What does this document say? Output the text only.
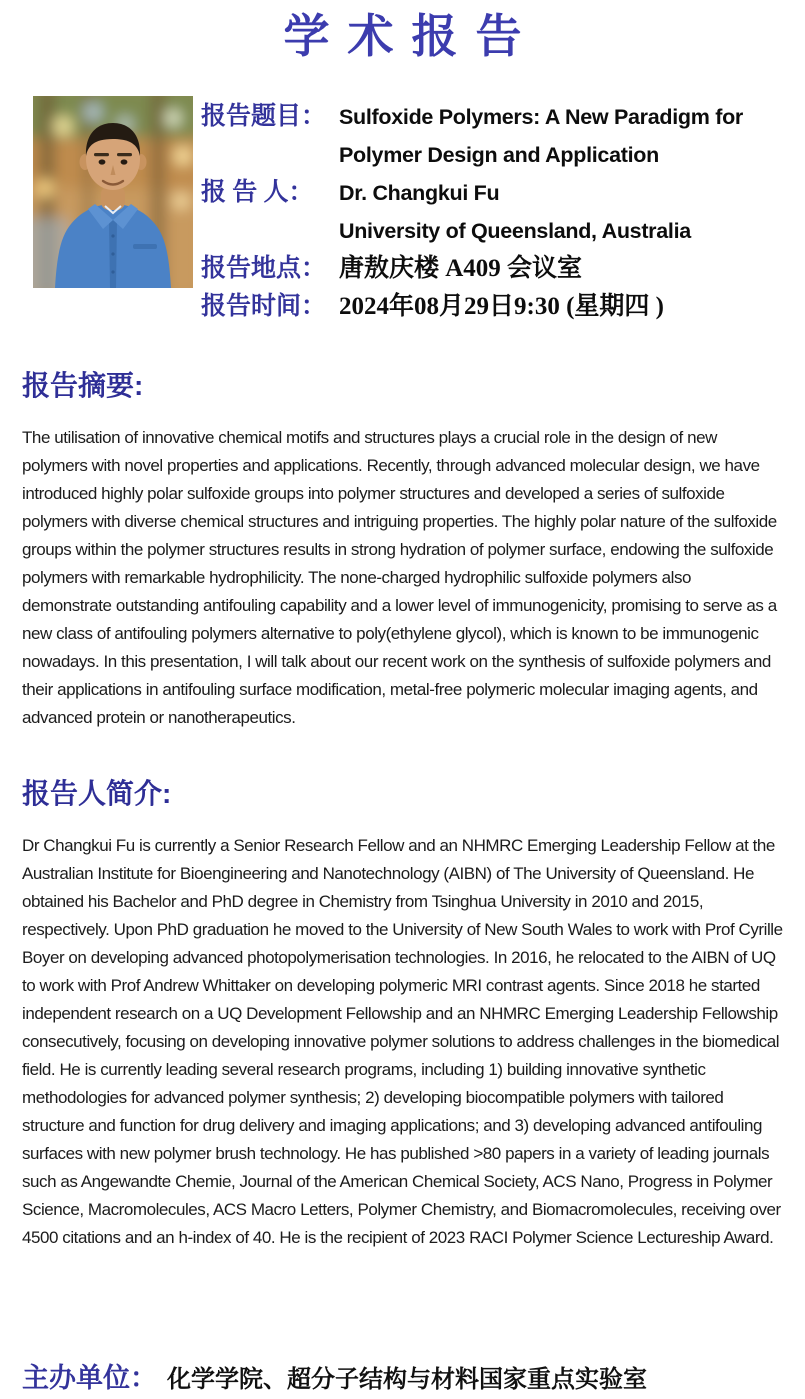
学术报告
报告题目： Sulfoxide Polymers: A New Paradigm for
Polymer Design and Application
报 告 人：	Dr. Changkui Fu
University of Queensland, Australia
报告地点： 唐敖庆楼 A409 会议室
报告时间： 2024年08月29日9:30 (星期四 )
报告摘要:

The utilisation of innovative chemical motifs and structures plays a crucial role in the design of new polymers with novel properties and applications. Recently, through advanced molecular design, we have introduced highly polar sulfoxide groups into polymer structures and developed a series of sulfoxide polymers with diverse chemical structures and intriguing properties. The highly polar nature of the sulfoxide groups within the polymer structures results in strong hydration of polymer surface, endowing the sulfoxide polymers with remarkable hydrophilicity. The none-charged hydrophilic sulfoxide polymers also demonstrate outstanding antifouling capability and a lower level of immunogenicity, promising to serve as a new class of antifouling polymers alternative to poly(ethylene glycol), which is known to be immunogenic nowadays. In this presentation, I will talk about our recent work on the synthesis of sulfoxide polymers and their applications in antifouling surface modification, metal-free polymeric molecular imaging agents, and advanced protein or nanotherapeutics.

报告人简介:

Dr Changkui Fu is currently a Senior Research Fellow and an NHMRC Emerging Leadership Fellow at the Australian Institute for Bioengineering and Nanotechnology (AIBN) of The University of Queensland. He obtained his Bachelor and PhD degree in Chemistry from Tsinghua University in 2010 and 2015, respectively. Upon PhD graduation he moved to the University of New South Wales to work with Prof Cyrille Boyer on developing advanced photopolymerisation technologies. In 2016, he relocated to the AIBN of UQ to work with Prof Andrew Whittaker on developing polymeric MRI contrast agents. Since 2018 he started independent research on a UQ Development Fellowship and an NHMRC Emerging Leadership Fellowship consecutively, focusing on developing innovative polymer solutions to address challenges in the biomedical field. He is currently leading several research programs, including 1) building innovative synthetic methodologies for advanced polymer synthesis; 2) developing biocompatible polymers with tailored structure and function for drug delivery and imaging applications; and 3) developing advanced antifouling surfaces with new polymer brush technology. He has published >80 papers in a variety of leading journals such as Angewandte Chemie, Journal of the American Chemical Society, ACS Nano, Progress in Polymer Science, Macromolecules, ACS Macro Letters, Polymer Chemistry, and Biomacromolecules, receiving over 4500 citations and an h-index of 40. He is the recipient of 2023 RACI Polymer Science Lectureship Award.

主办单位： 化学学院、超分子结构与材料国家重点实验室
